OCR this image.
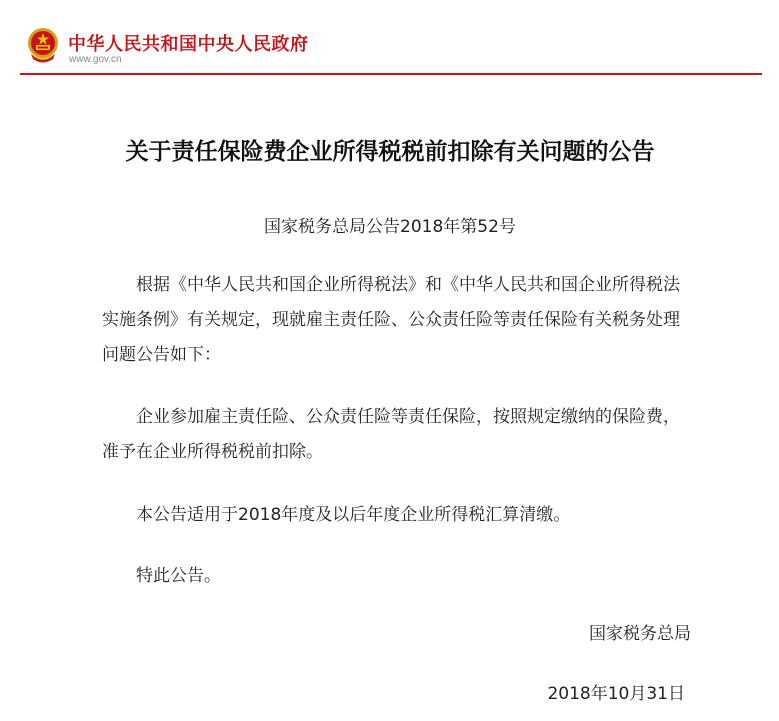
中华人民共和国中央人民政府
www.gov.cn
关于责任保险费企业所得税税前扣除有关问题的公告
国家税务总局公告2018年第52号
根据《中华人民共和国企业所得税法》和《中华人民共和国企业所得税法实施条例》有关规定，现就雇主责任险、公众责任险等责任保险有关税务处理问题公告如下：
企业参加雇主责任险、公众责任险等责任保险，按照规定缴纳的保险费，准予在企业所得税税前扣除。
本公告适用于2018年度及以后年度企业所得税汇算清缴。
特此公告。
国家税务总局
2018年10月31日
